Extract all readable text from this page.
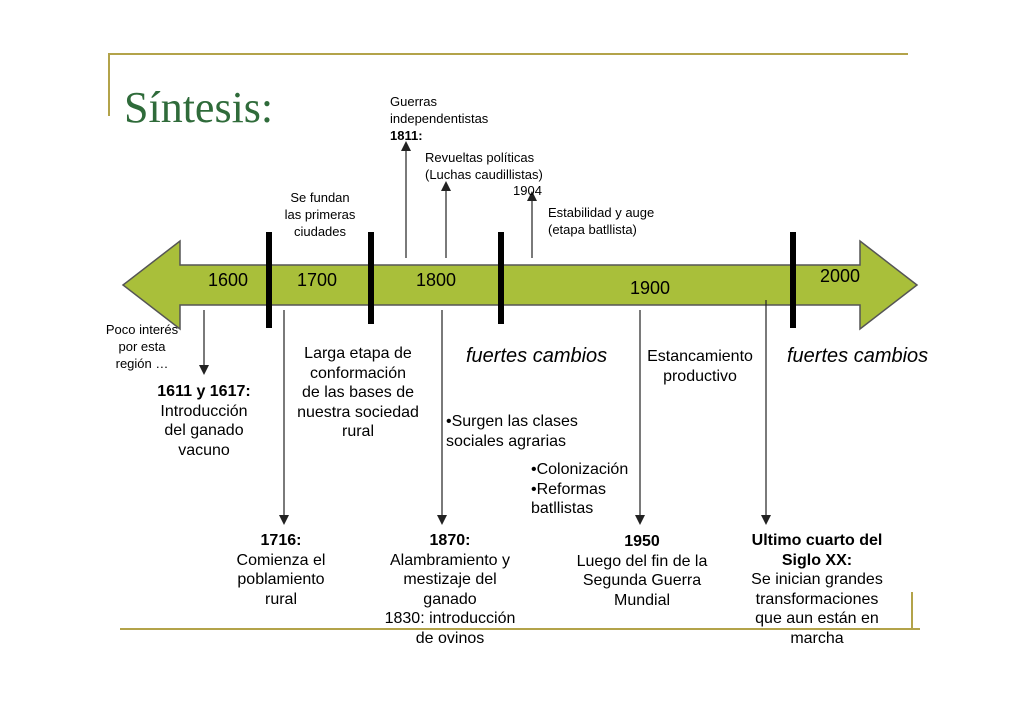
Síntesis:
1600	1700	1800	1900
2000
Guerras
independentistas
1811:
Revueltas políticas
(Luchas caudillistas)
1904
Estabilidad y auge
(etapa batllista)
Se fundan
las primeras
ciudades
Poco interés
por esta
región …
1611 y 1617:
Introducción
del ganado
vacuno
Larga etapa de
conformación
de las bases de
nuestra sociedad
rural
fuertes cambios
•Surgen las clases
sociales agrarias
•Colonización
•Reformas
batllistas
Estancamiento
productivo
fuertes cambios
1716:
Comienza el
poblamiento
rural
1870:
Alambramiento y
mestizaje del
ganado
1830: introducción
de ovinos
1950
Luego del fin de la
Segunda Guerra
Mundial
Ultimo cuarto del
Siglo XX:
Se inician grandes
transformaciones
que aun están en
marcha
